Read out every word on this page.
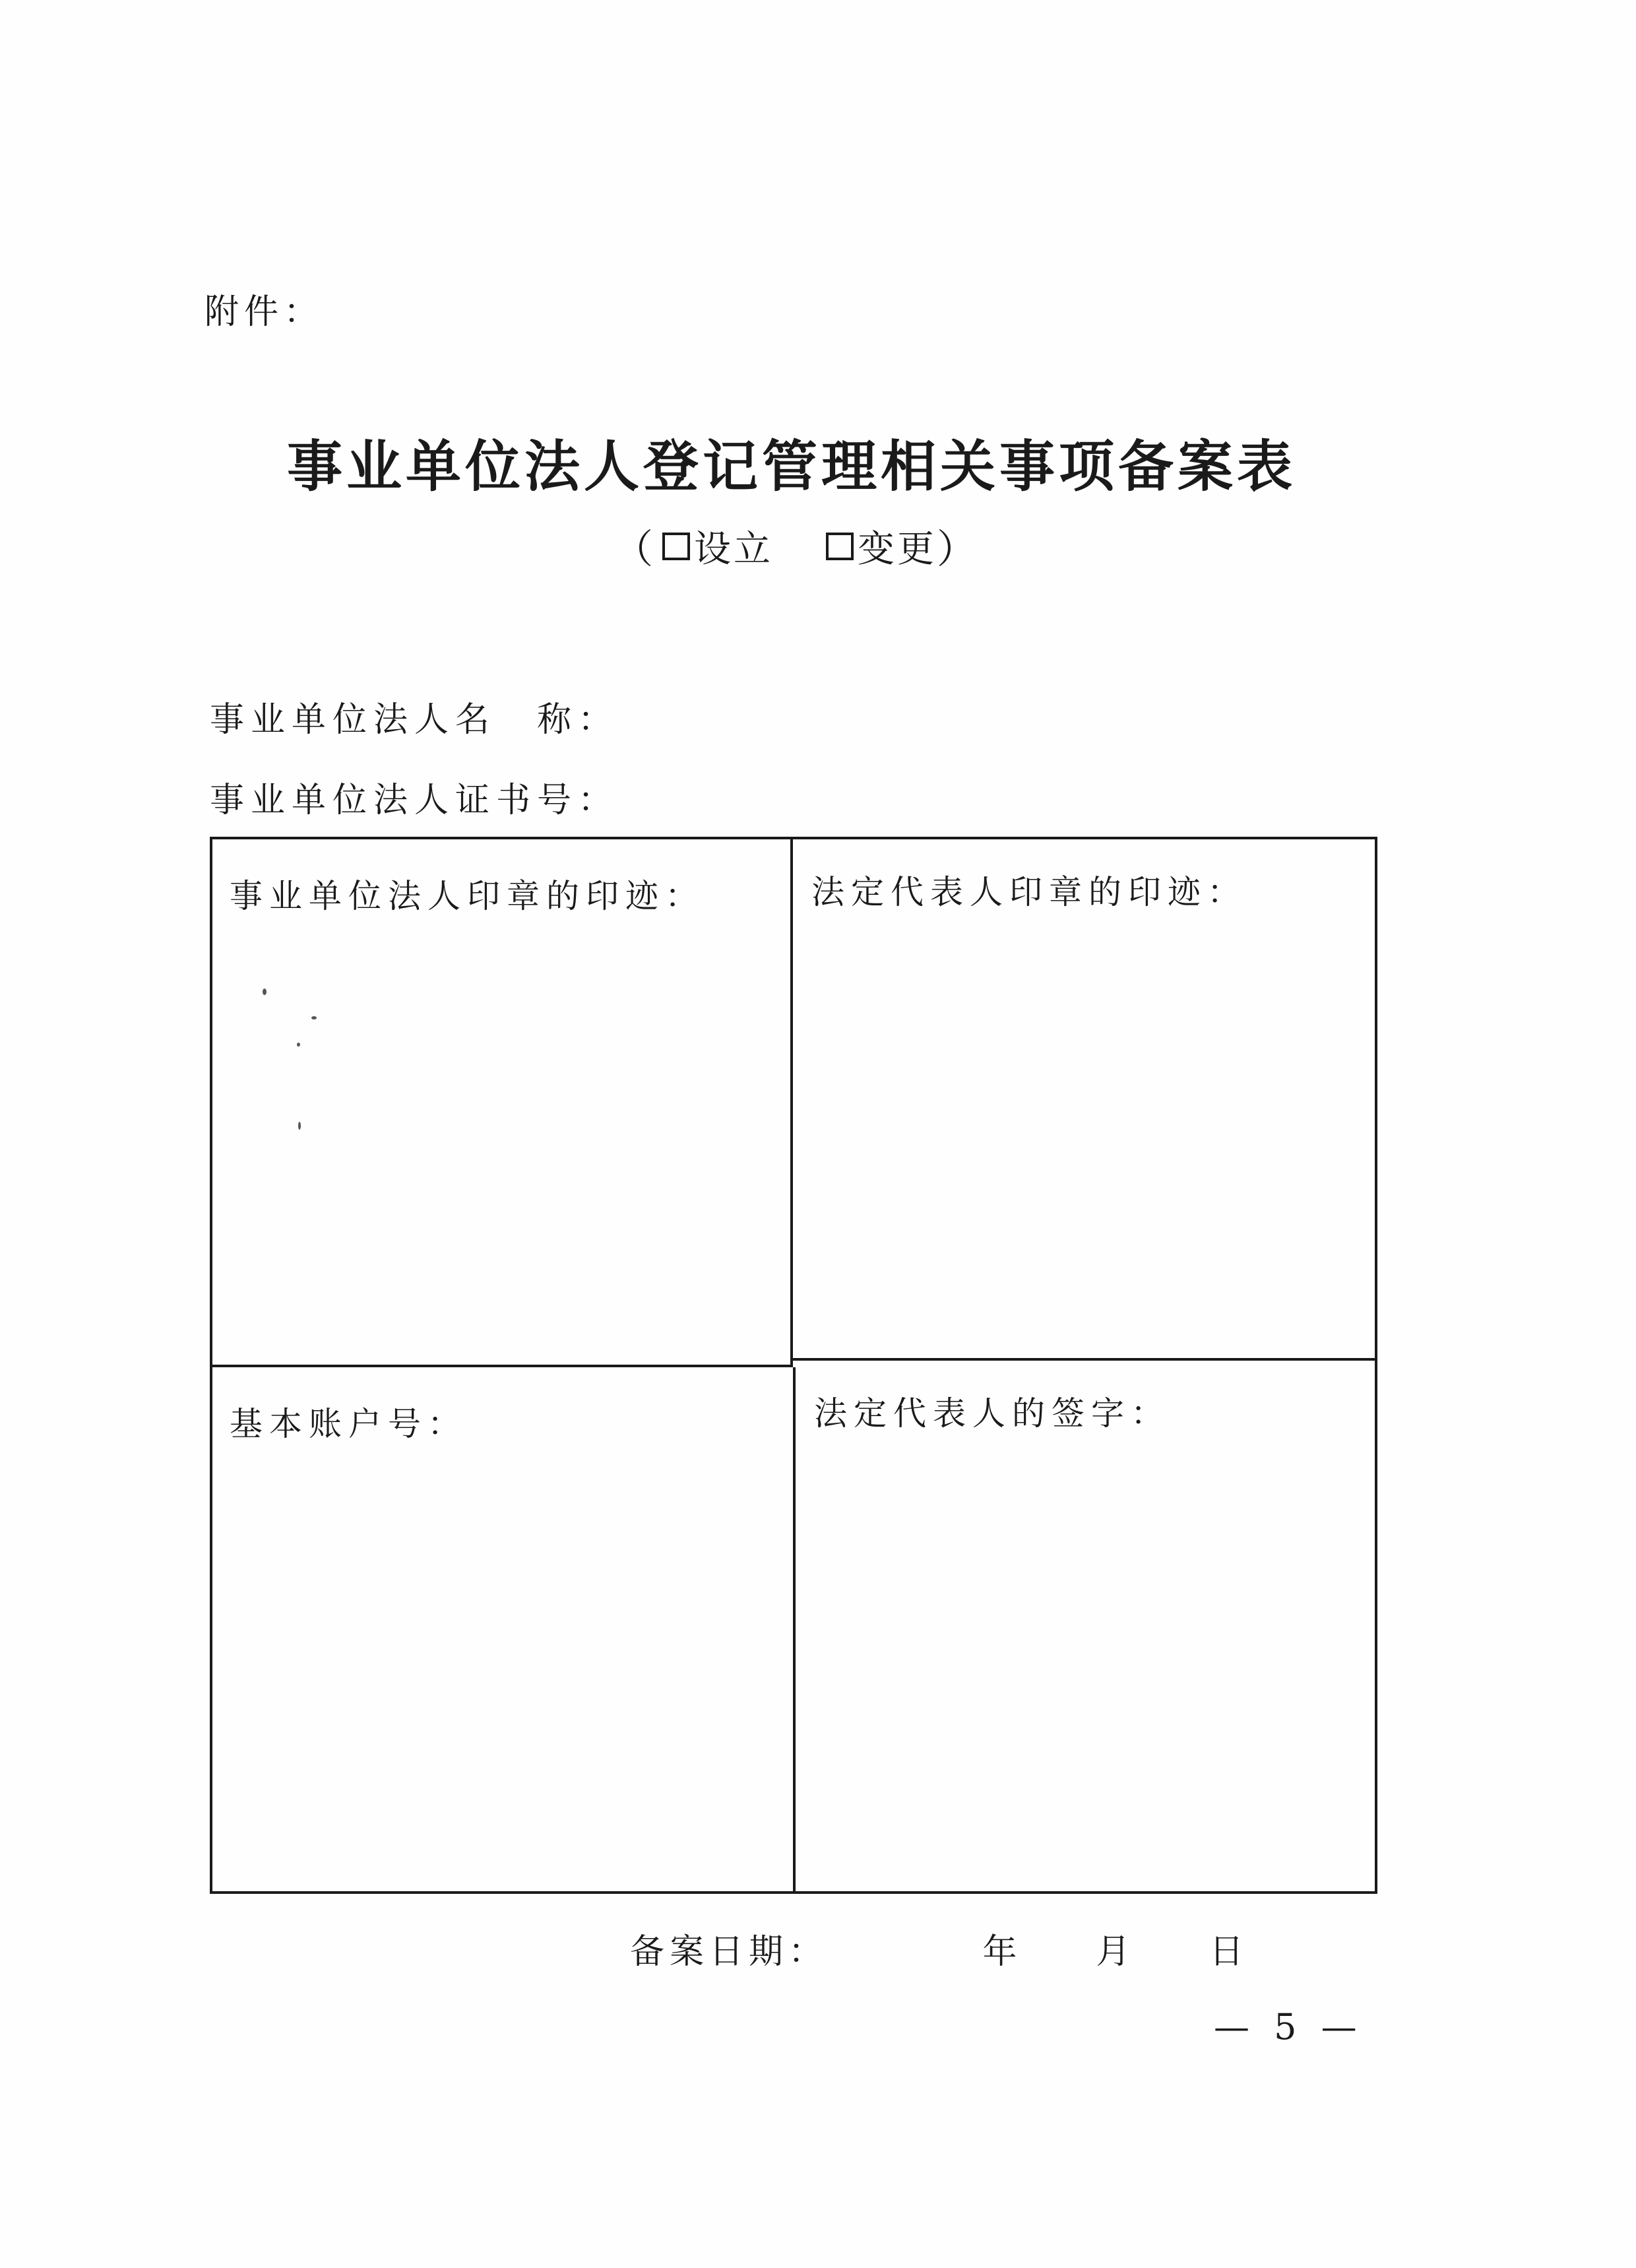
附件：
事业单位法人登记管理相关事项备案表
（ 设立 变更 ）
事业单位法人名　称：
事业单位法人证书号：
事业单位法人印章的印迹：	法定代表人印章的印迹：
基本账户号：	法定代表人的签字：
备案日期：	年	月	日
— 5 —
